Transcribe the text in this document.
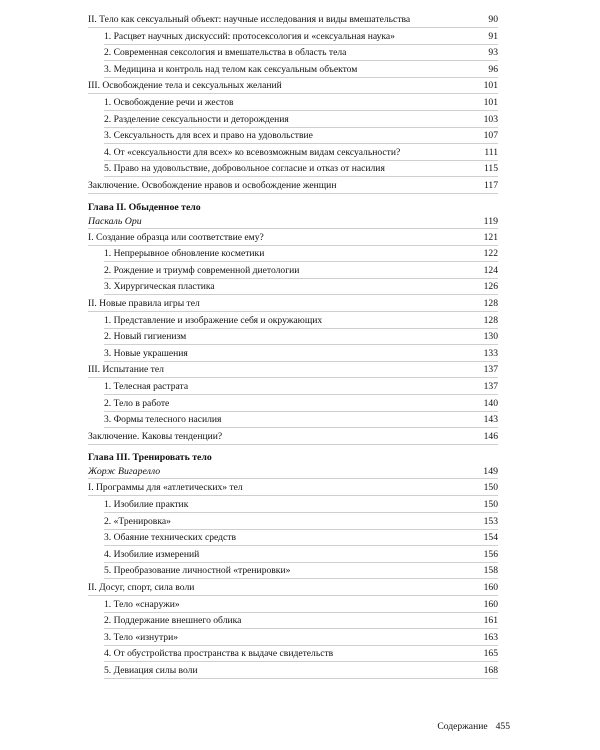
II. Тело как сексуальный объект: научные исследования и виды вмешательства	90
1. Расцвет научных дискуссий: протосексология и «сексуальная наука»	91
2. Современная сексология и вмешательства в область тела	93
3. Медицина и контроль над телом как сексуальным объектом	96
III. Освобождение тела и сексуальных желаний	101
1. Освобождение речи и жестов	101
2. Разделение сексуальности и деторождения	103
3. Сексуальность для всех и право на удовольствие	107
4. От «сексуальности для всех» ко всевозможным видам сексуальности?	111
5. Право на удовольствие, добровольное согласие и отказ от насилия	115
Заключение. Освобождение нравов и освобождение женщин	117
Глава II. Обыденное тело
Паскаль Ори	119
I. Создание образца или соответствие ему?	121
1. Непрерывное обновление косметики	122
2. Рождение и триумф современной диетологии	124
3. Хирургическая пластика	126
II. Новые правила игры тел	128
1. Представление и изображение себя и окружающих	128
2. Новый гигиенизм	130
3. Новые украшения	133
III. Испытание тел	137
1. Телесная растрата	137
2. Тело в работе	140
3. Формы телесного насилия	143
Заключение. Каковы тенденции?	146
Глава III. Тренировать тело
Жорж Вигарелло	149
I. Программы для «атлетических» тел	150
1. Изобилие практик	150
2. «Тренировка»	153
3. Обаяние технических средств	154
4. Изобилие измерений	156
5. Преобразование личностной «тренировки»	158
II. Досуг, спорт, сила воли	160
1. Тело «снаружи»	160
2. Поддержание внешнего облика	161
3. Тело «изнутри»	163
4. От обустройства пространства к выдаче свидетельств	165
5. Девиация силы воли	168
Содержание 455
